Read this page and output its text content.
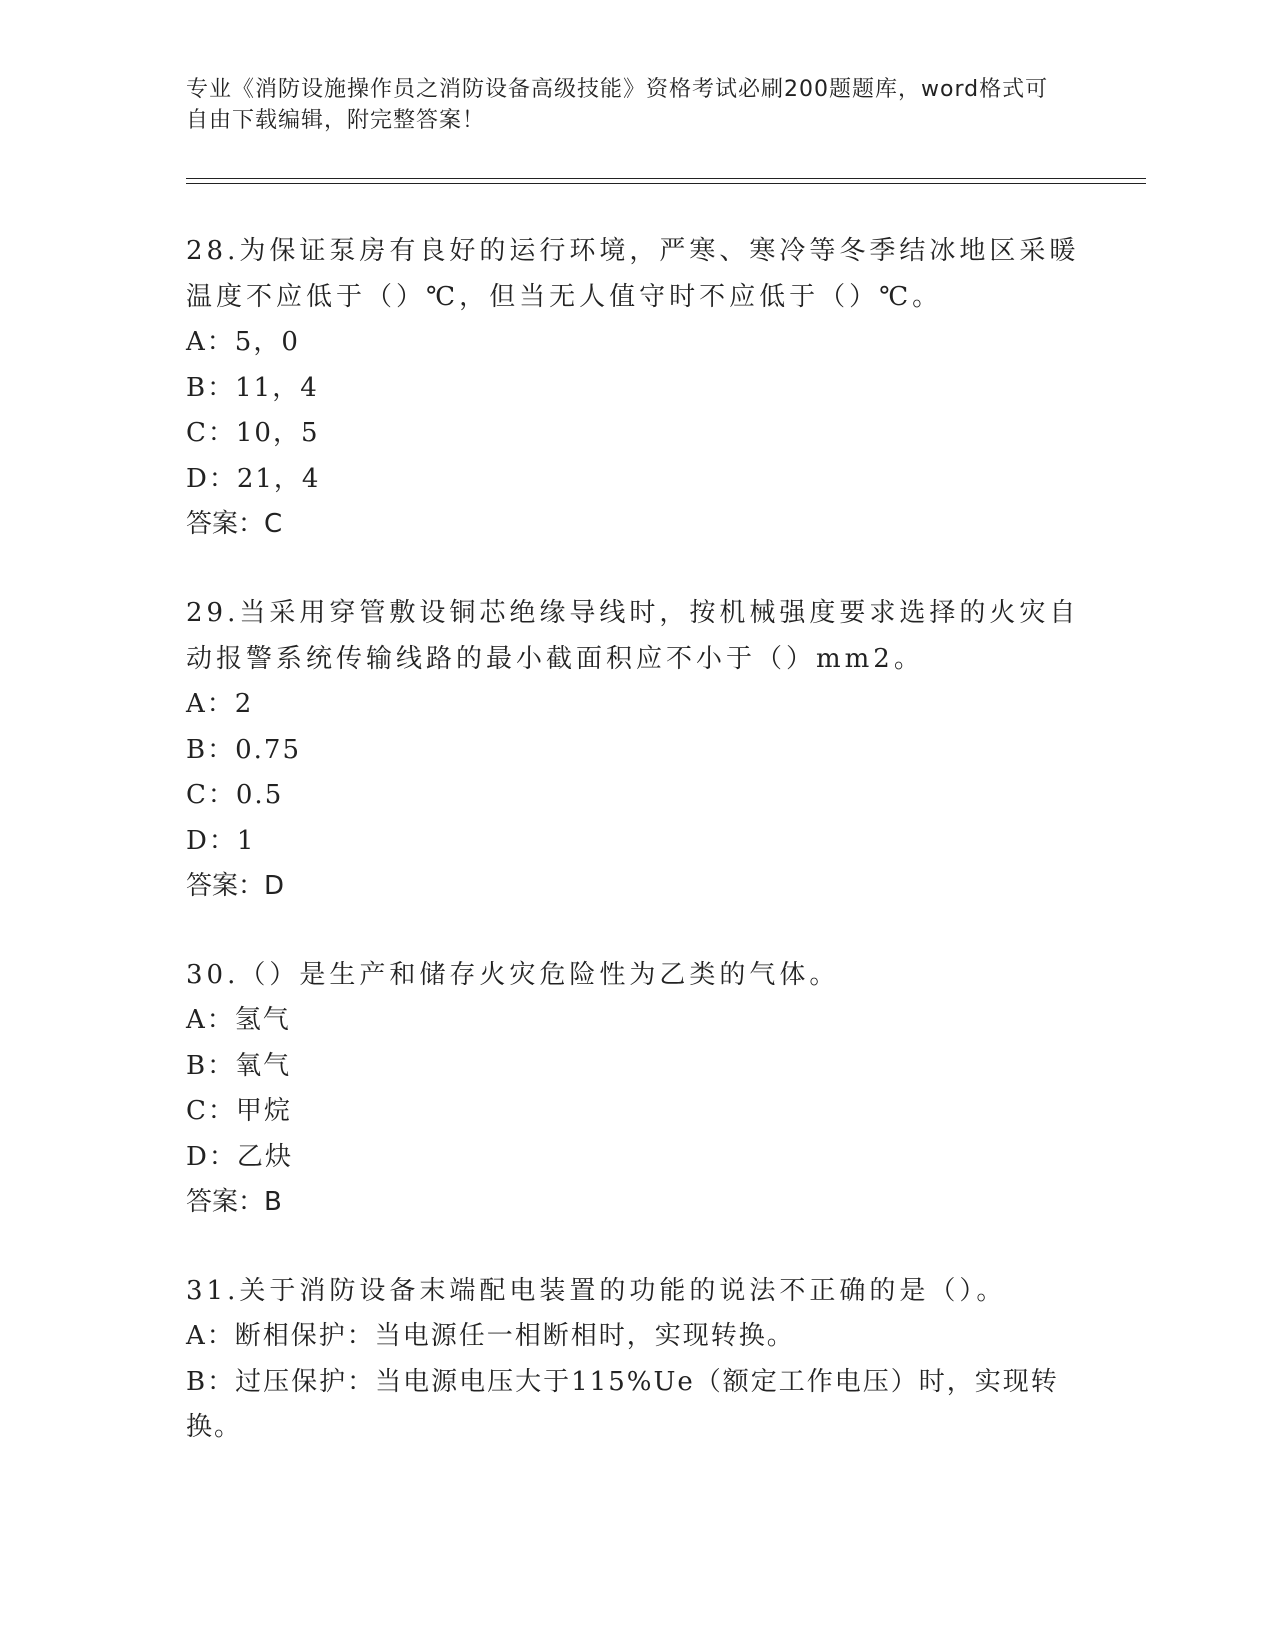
专业《消防设施操作员之消防设备高级技能》资格考试必刷200题题库，word格式可自由下载编辑，附完整答案！

28.为保证泵房有良好的运行环境，严寒、寒冷等冬季结冰地区采暖温度不应低于（）℃，但当无人值守时不应低于（）℃。

A：5，0

B：11，4

C：10，5

D：21，4

答案：C

29.当采用穿管敷设铜芯绝缘导线时，按机械强度要求选择的火灾自动报警系统传输线路的最小截面积应不小于（）mm2。

A：2

B：0.75

C：0.5

D：1

答案：D

30.（）是生产和储存火灾危险性为乙类的气体。

A：氢气

B：氧气

C：甲烷

D：乙炔

答案：B

31.关于消防设备末端配电装置的功能的说法不正确的是（）。

A：断相保护：当电源任一相断相时，实现转换。

B：过压保护：当电源电压大于115%Ue（额定工作电压）时，实现转换。
